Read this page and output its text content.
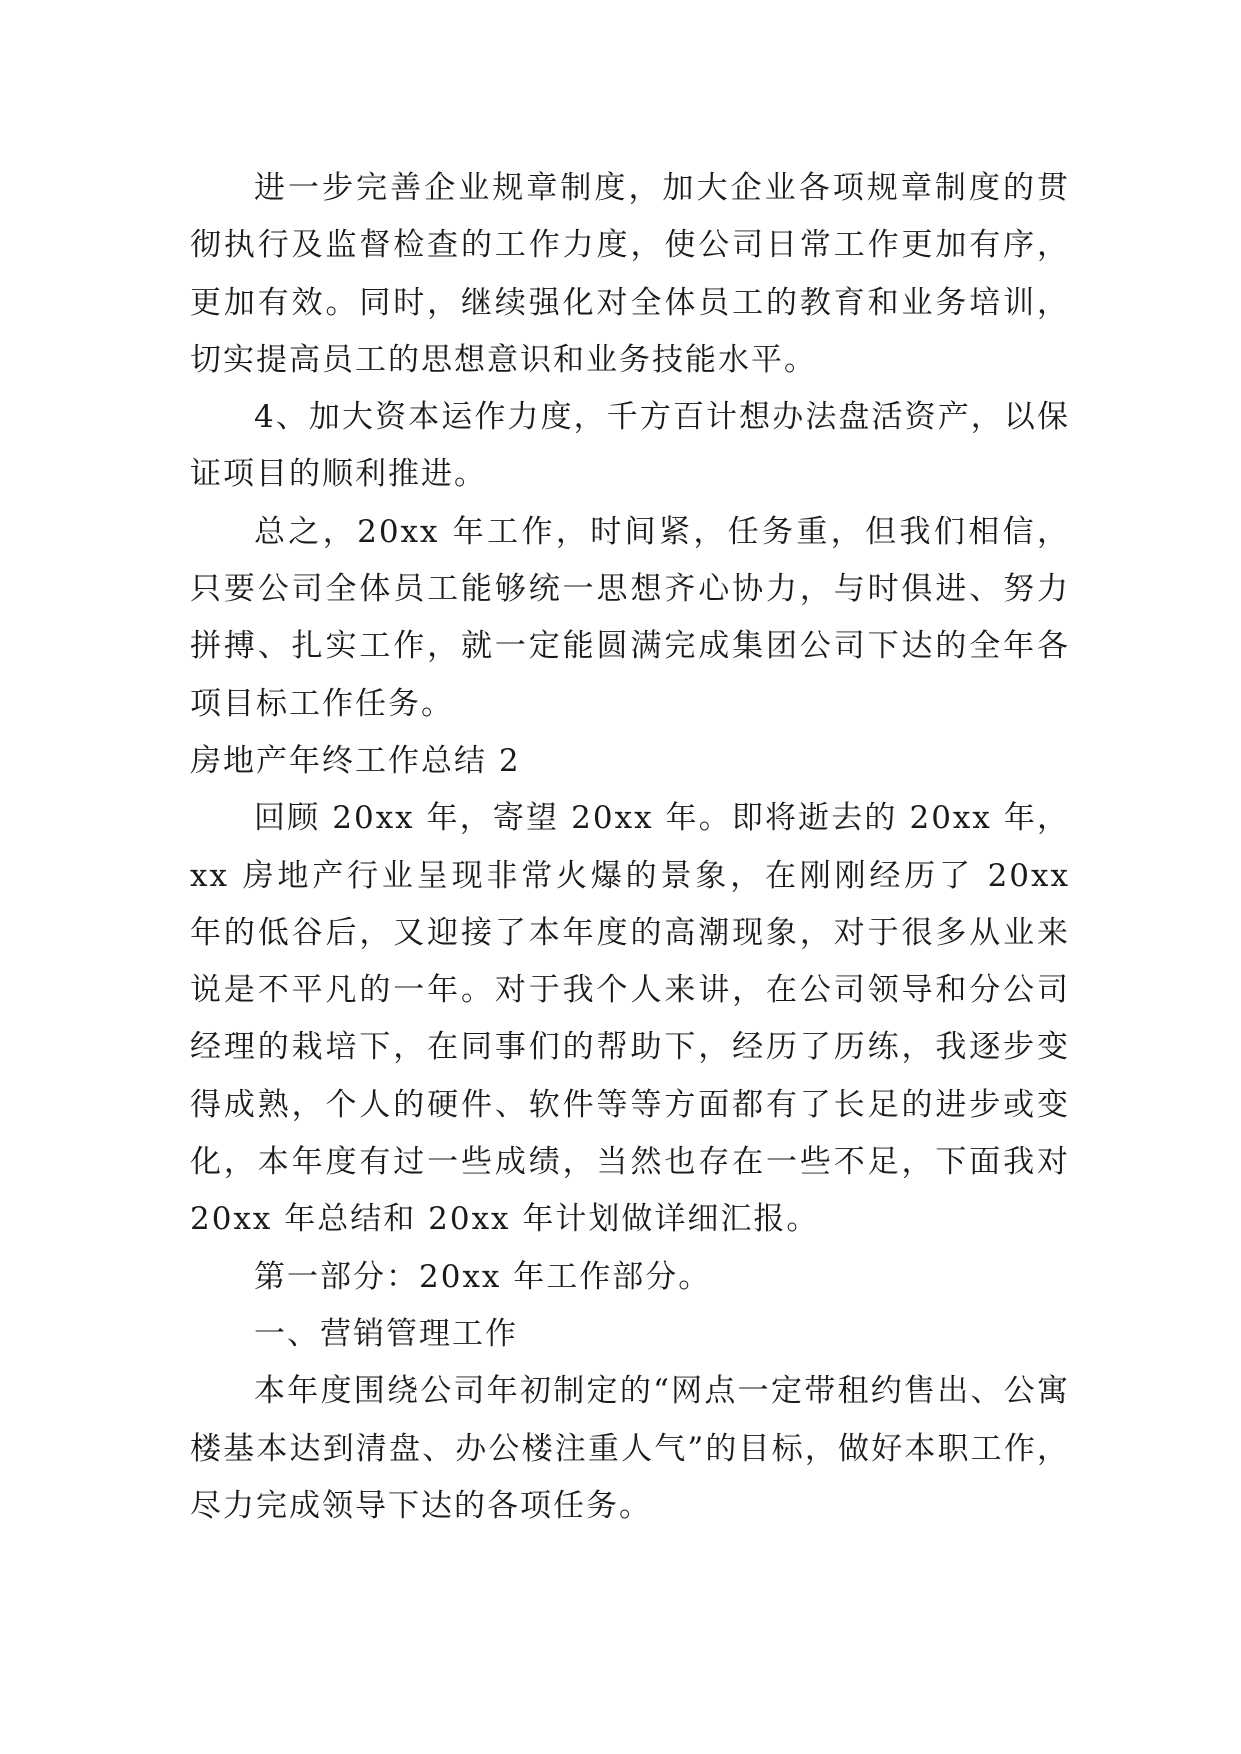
进一步完善企业规章制度，加大企业各项规章制度的贯彻执行及监督检查的工作力度，使公司日常工作更加有序，更加有效。同时，继续强化对全体员工的教育和业务培训，切实提高员工的思想意识和业务技能水平。

4、加大资本运作力度，千方百计想办法盘活资产，以保证项目的顺利推进。

总之，20xx 年工作，时间紧，任务重，但我们相信，只要公司全体员工能够统一思想齐心协力，与时俱进、努力拼搏、扎实工作，就一定能圆满完成集团公司下达的全年各项目标工作任务。

房地产年终工作总结 2

回顾 20xx 年，寄望 20xx 年。即将逝去的 20xx 年，xx 房地产行业呈现非常火爆的景象，在刚刚经历了 20xx 年的低谷后，又迎接了本年度的高潮现象，对于很多从业来说是不平凡的一年。对于我个人来讲，在公司领导和分公司经理的栽培下，在同事们的帮助下，经历了历练，我逐步变得成熟，个人的硬件、软件等等方面都有了长足的进步或变化，本年度有过一些成绩，当然也存在一些不足，下面我对 20xx 年总结和 20xx 年计划做详细汇报。

第一部分：20xx 年工作部分。

一、营销管理工作

本年度围绕公司年初制定的“网点一定带租约售出、公寓楼基本达到清盘、办公楼注重人气”的目标，做好本职工作，尽力完成领导下达的各项任务。
